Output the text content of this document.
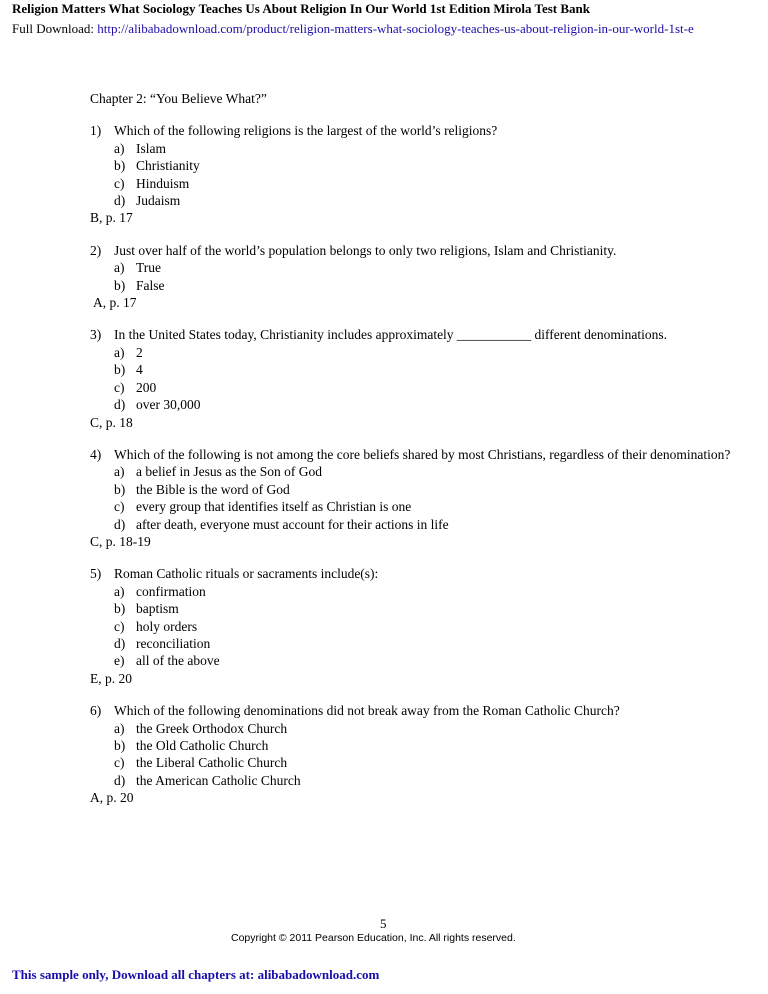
Religion Matters What Sociology Teaches Us About Religion In Our World 1st Edition Mirola Test Bank
Full Download: http://alibabadownload.com/product/religion-matters-what-sociology-teaches-us-about-religion-in-our-world-1st-e
Chapter 2: “You Believe What?”
1) Which of the following religions is the largest of the world’s religions?
a) Islam
b) Christianity
c) Hinduism
d) Judaism
B, p. 17
2) Just over half of the world’s population belongs to only two religions, Islam and Christianity.
a) True
b) False
A, p. 17
3) In the United States today, Christianity includes approximately ___________ different denominations.
a) 2
b) 4
c) 200
d) over 30,000
C, p. 18
4) Which of the following is not among the core beliefs shared by most Christians, regardless of their denomination?
a) a belief in Jesus as the Son of God
b) the Bible is the word of God
c) every group that identifies itself as Christian is one
d) after death, everyone must account for their actions in life
C, p. 18-19
5) Roman Catholic rituals or sacraments include(s):
a) confirmation
b) baptism
c) holy orders
d) reconciliation
e) all of the above
E, p. 20
6) Which of the following denominations did not break away from the Roman Catholic Church?
a) the Greek Orthodox Church
b) the Old Catholic Church
c) the Liberal Catholic Church
d) the American Catholic Church
A, p. 20
5
Copyright © 2011 Pearson Education, Inc. All rights reserved.
This sample only, Download all chapters at: alibabadownload.com
